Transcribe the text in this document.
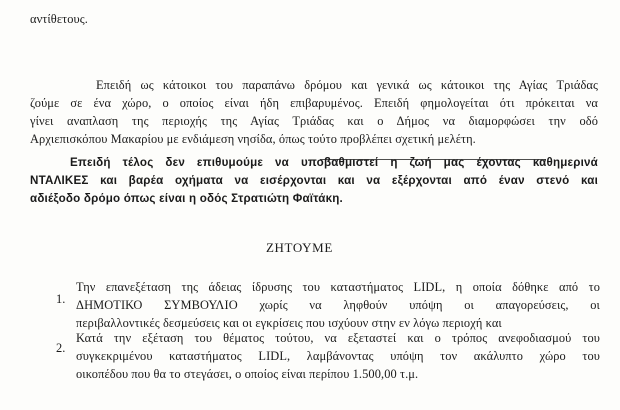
αντίθετους.
Επειδή ως κάτοικοι του παραπάνω δρόμου και γενικά ως κάτοικοι της Αγίας Τριάδας
ζούμε σε ένα χώρο, ο οποίος είναι ήδη επιβαρυμένος. Επειδή φημολογείται ότι πρόκειται να
γίνει αναπλαση της περιοχής της Αγίας Τριάδας και ο Δήμος να διαμορφώσει την οδό
Αρχιεπισκόπου Μακαρίου με ενδιάμεση νησίδα, όπως τούτο προβλέπει σχετική μελέτη.
Επειδή τέλος δεν επιθυμούμε να υποβαθμιστεί η ζωή μας έχοντας καθημερινά
ΝΤΑΛΙΚΕΣ και βαρέα οχήματα να εισέρχονται και να εξέρχονται από έναν στενό και
αδιέξοδο δρόμο όπως είναι η οδός Στρατιώτη Φαϊτάκη.
ΖΗΤΟΥΜΕ
1.
Την επανεξέταση της άδειας ίδρυσης του καταστήματος LIDL, η οποία δόθηκε από το
ΔΗΜΟΤΙΚΟ ΣΥΜΒΟΥΛΙΟ χωρίς να ληφθούν υπόψη οι απαγορεύσεις, οι
περιβαλλοντικές δεσμεύσεις και οι εγκρίσεις που ισχύουν στην εν λόγω περιοχή και
2.
Κατά την εξέταση του θέματος τούτου, να εξεταστεί και ο τρόπος ανεφοδιασμού του
συγκεκριμένου καταστήματος LIDL, λαμβάνοντας υπόψη τον ακάλυπτο χώρο του
οικοπέδου που θα το στεγάσει, ο οποίος είναι περίπου 1.500,00 τ.μ.
